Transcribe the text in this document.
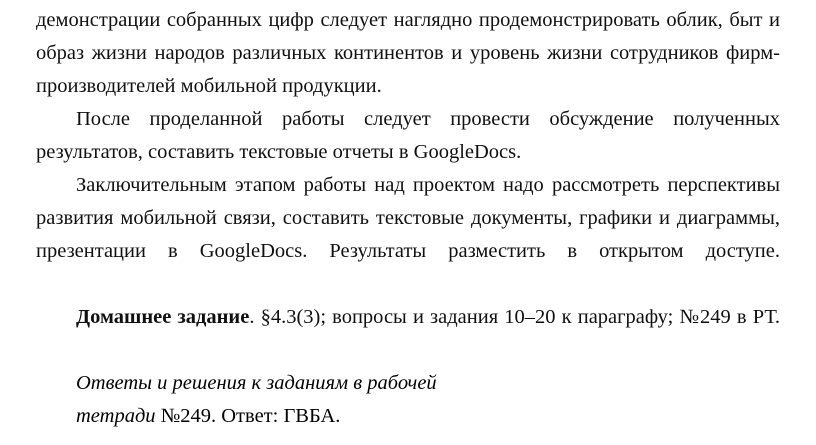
демонстрации собранных цифр следует наглядно продемонстрировать облик, быт и образ жизни народов различных континентов и уровень жизни сотрудников фирм-производителей мобильной продукции.

После проделанной работы следует провести обсуждение полученных результатов, составить текстовые отчеты в GoogleDocs.

Заключительным этапом работы над проектом надо рассмотреть перспективы развития мобильной связи, составить текстовые документы, графики и диаграммы, презентации в GoogleDocs. Результаты разместить в открытом доступе.

Домашнее задание. §4.3(3); вопросы и задания 10–20 к параграфу; №249 в РТ.

Ответы и решения к заданиям в рабочей

тетради №249. Ответ: ГВБА.
